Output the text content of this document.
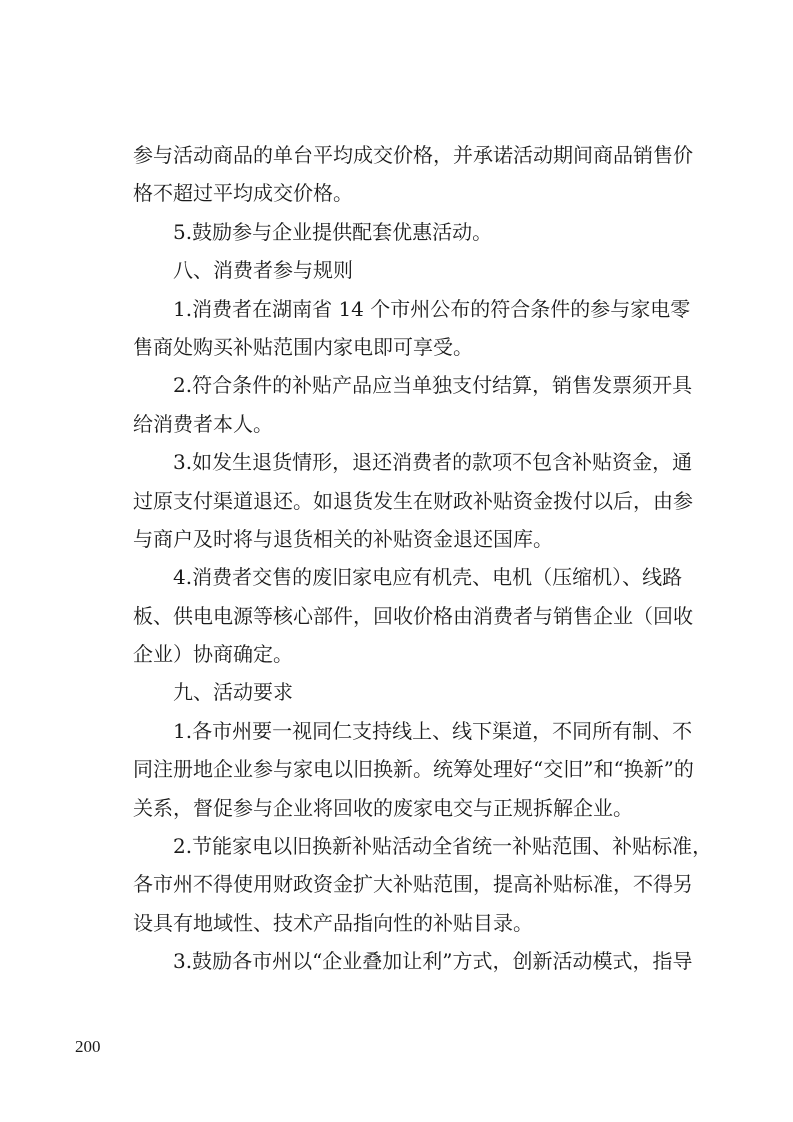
参与活动商品的单台平均成交价格，并承诺活动期间商品销售价
格不超过平均成交价格。
5.鼓励参与企业提供配套优惠活动。
八、消费者参与规则
1.消费者在湖南省 14 个市州公布的符合条件的参与家电零
售商处购买补贴范围内家电即可享受。
2.符合条件的补贴产品应当单独支付结算，销售发票须开具
给消费者本人。
3.如发生退货情形，退还消费者的款项不包含补贴资金，通
过原支付渠道退还。如退货发生在财政补贴资金拨付以后，由参
与商户及时将与退货相关的补贴资金退还国库。
4.消费者交售的废旧家电应有机壳、电机（压缩机）、线路
板、供电电源等核心部件，回收价格由消费者与销售企业（回收
企业）协商确定。
九、活动要求
1.各市州要一视同仁支持线上、线下渠道，不同所有制、不
同注册地企业参与家电以旧换新。统筹处理好“交旧”和“换新”的
关系，督促参与企业将回收的废家电交与正规拆解企业。
2.节能家电以旧换新补贴活动全省统一补贴范围、补贴标准，
各市州不得使用财政资金扩大补贴范围，提高补贴标准，不得另
设具有地域性、技术产品指向性的补贴目录。
3.鼓励各市州以“企业叠加让利”方式，创新活动模式，指导
200
